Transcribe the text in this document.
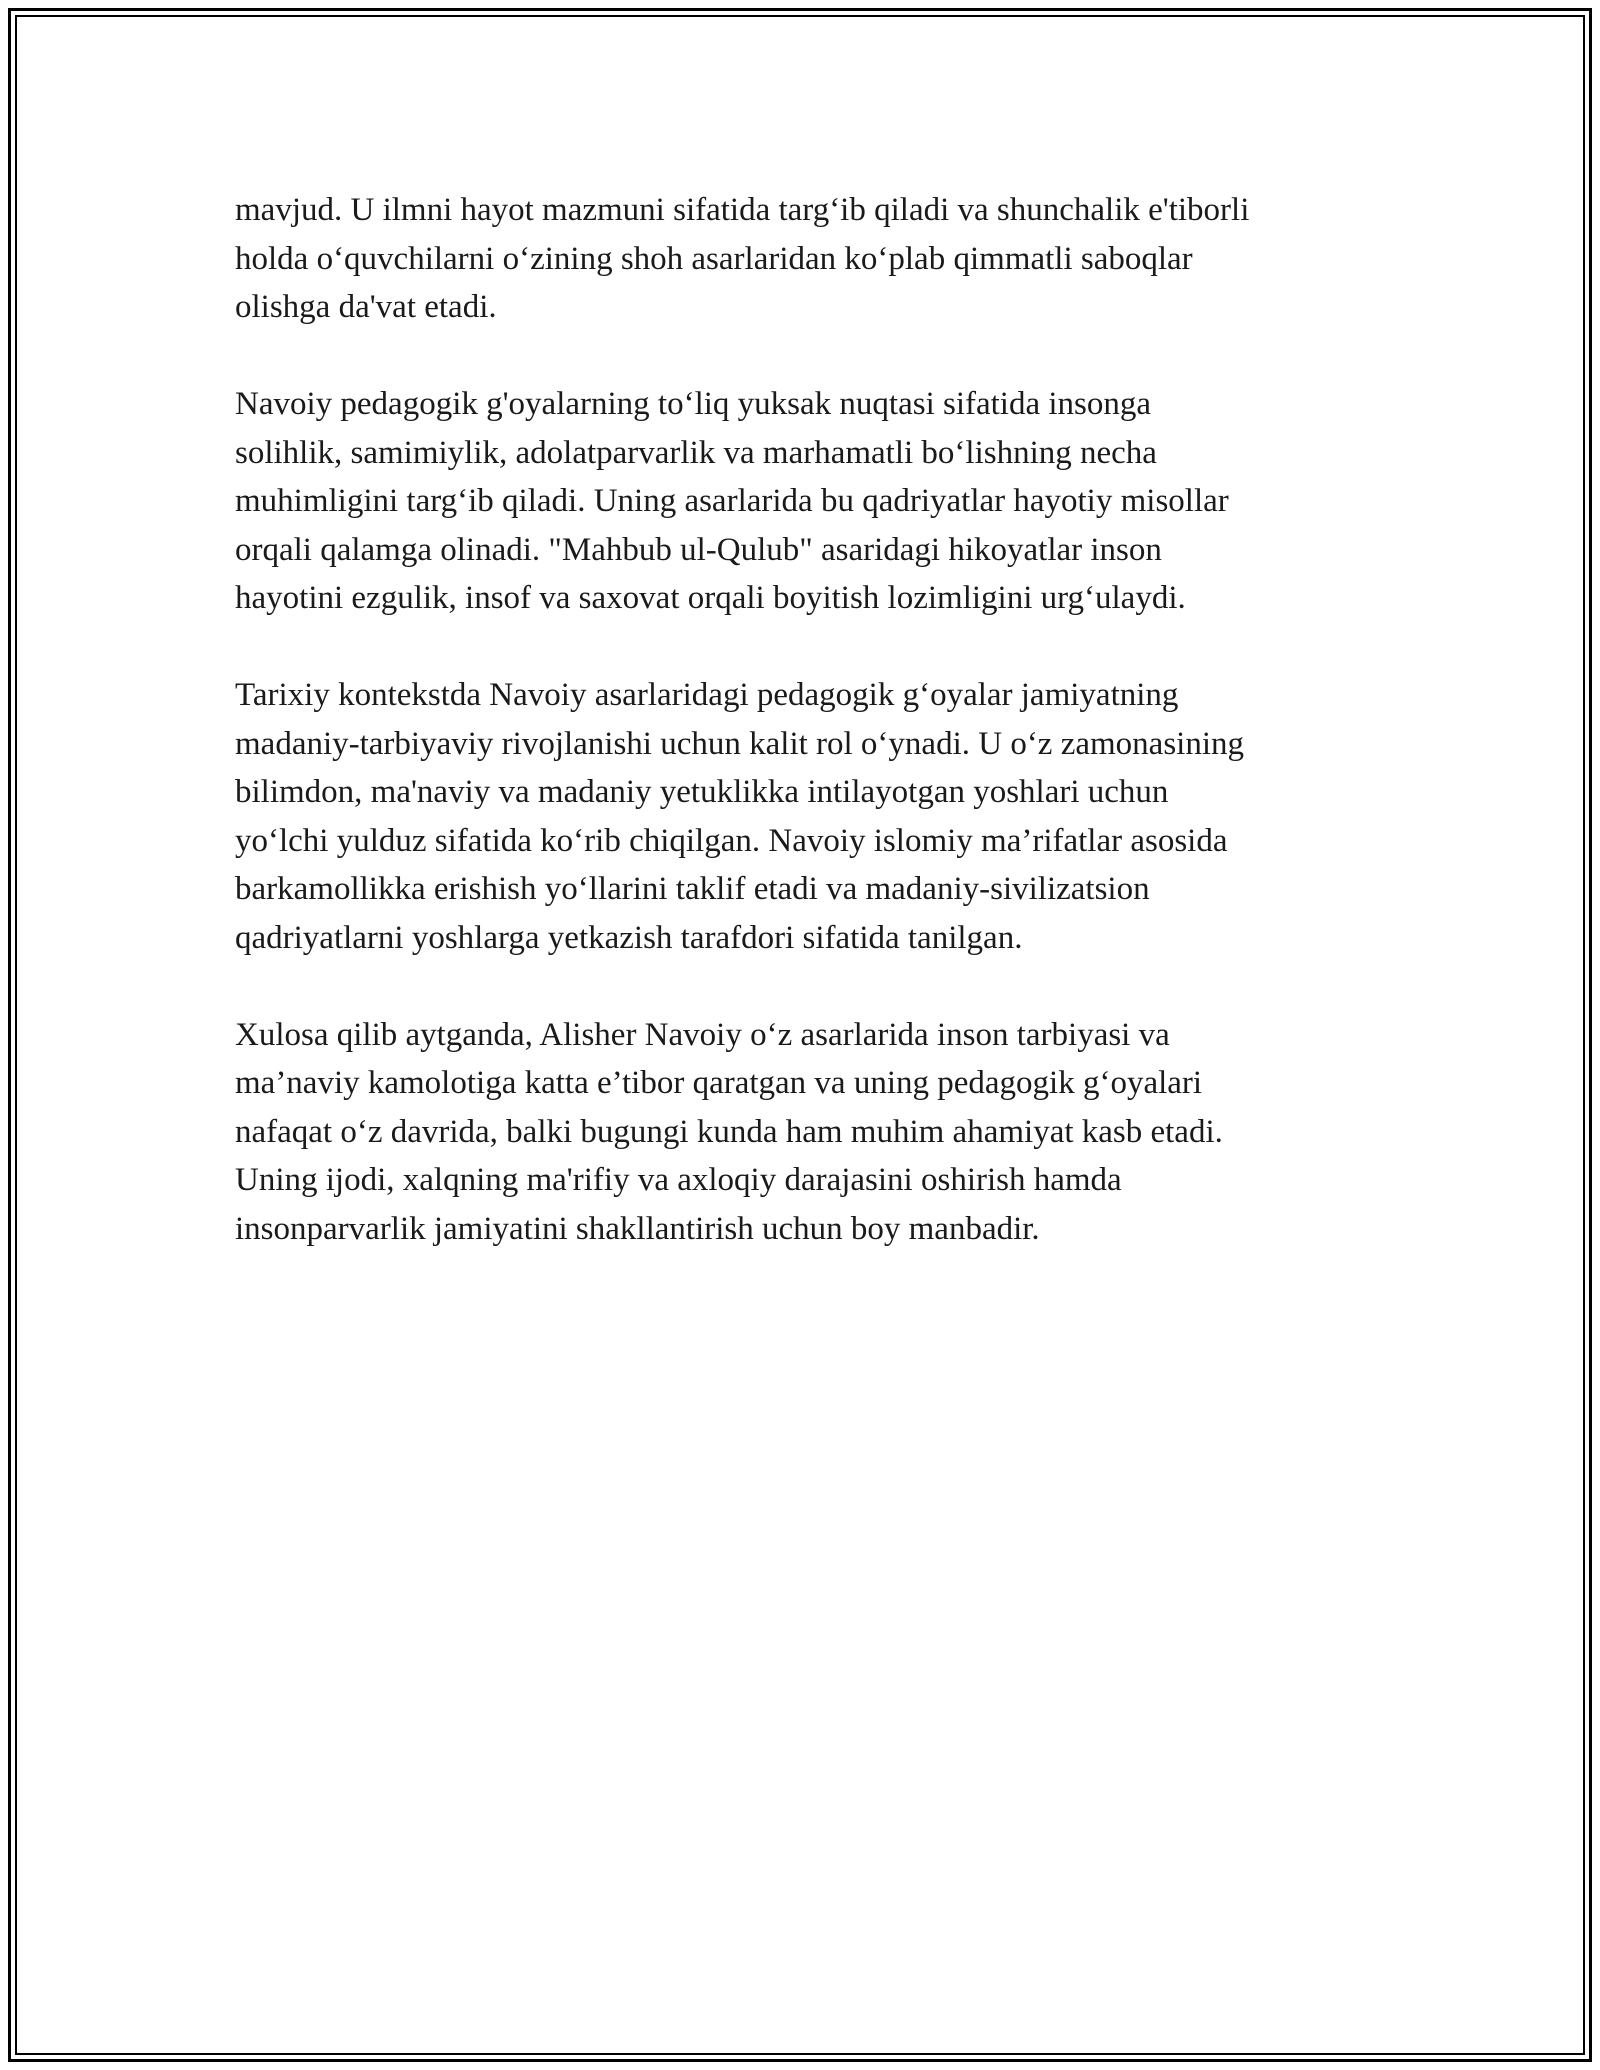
mavjud. U ilmni hayot mazmuni sifatida targ‘ib qiladi va shunchalik e'tiborli
holda o‘quvchilarni o‘zining shoh asarlaridan ko‘plab qimmatli saboqlar
olishga da'vat etadi.

Navoiy pedagogik g'oyalarning to‘liq yuksak nuqtasi sifatida insonga
solihlik, samimiylik, adolatparvarlik va marhamatli bo‘lishning necha
muhimligini targ‘ib qiladi. Uning asarlarida bu qadriyatlar hayotiy misollar
orqali qalamga olinadi. "Mahbub ul-Qulub" asaridagi hikoyatlar inson
hayotini ezgulik, insof va saxovat orqali boyitish lozimligini urg‘ulaydi.

Tarixiy kontekstda Navoiy asarlaridagi pedagogik g‘oyalar jamiyatning
madaniy-tarbiyaviy rivojlanishi uchun kalit rol o‘ynadi. U o‘z zamonasining
bilimdon, ma'naviy va madaniy yetuklikka intilayotgan yoshlari uchun
yo‘lchi yulduz sifatida ko‘rib chiqilgan. Navoiy islomiy ma’rifatlar asosida
barkamollikka erishish yo‘llarini taklif etadi va madaniy-sivilizatsion
qadriyatlarni yoshlarga yetkazish tarafdori sifatida tanilgan.

Xulosa qilib aytganda, Alisher Navoiy o‘z asarlarida inson tarbiyasi va
ma’naviy kamolotiga katta e’tibor qaratgan va uning pedagogik g‘oyalari
nafaqat o‘z davrida, balki bugungi kunda ham muhim ahamiyat kasb etadi.
Uning ijodi, xalqning ma'rifiy va axloqiy darajasini oshirish hamda
insonparvarlik jamiyatini shakllantirish uchun boy manbadir.
